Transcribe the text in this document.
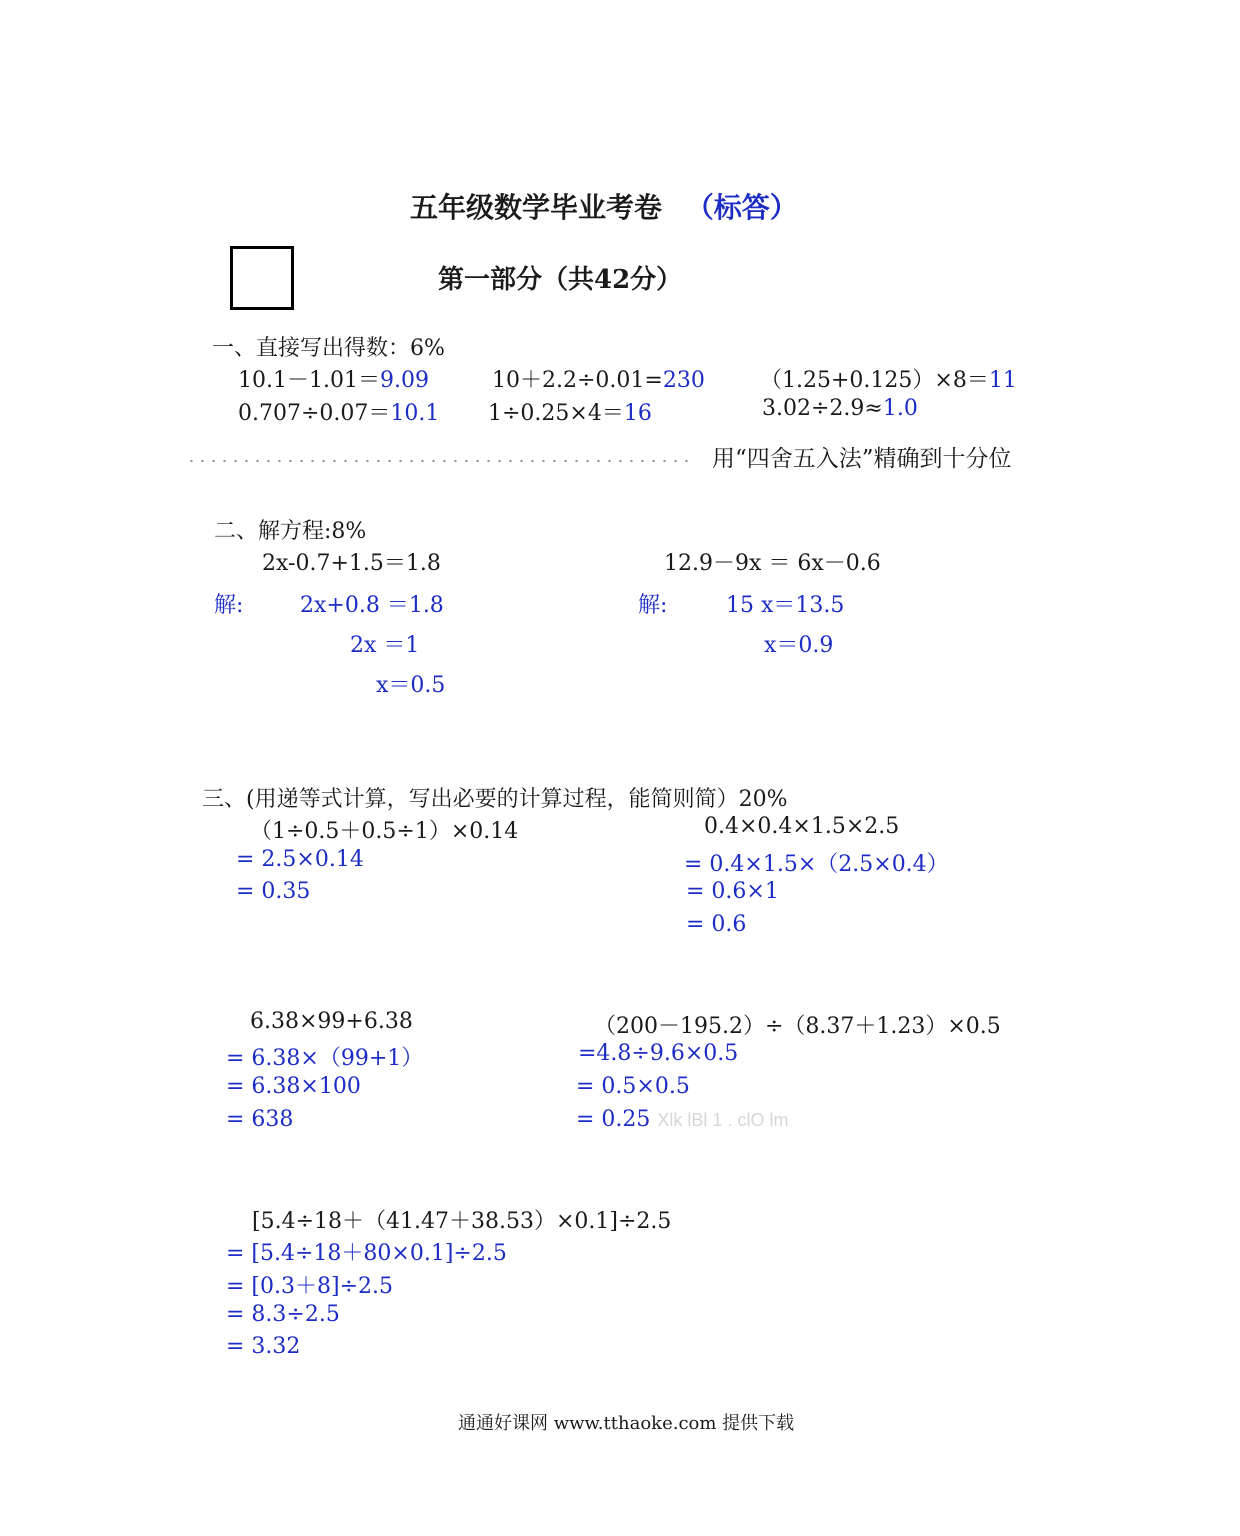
五年级数学毕业考卷 （标答）
第一部分（共42分）
一、直接写出得数：6%
10.1－1.01＝9.09	10＋2.2÷0.01=230	（1.25+0.125）×8＝11
0.707÷0.07＝10.1 1÷0.25×4＝16	3.02÷2.9≈1.0
用“四舍五入法”精确到十分位
二、解方程:8%
2x-0.7+1.5＝1.8
解:	2x+0.8 ＝1.8
2x ＝1
x＝0.5
12.9－9x ＝ 6x－0.6
解:	15 x＝13.5
x＝0.9
三、(用递等式计算，写出必要的计算过程，能简则简）20%
（1÷0.5＋0.5÷1）×0.14
= 2.5×0.14
= 0.35
0.4×0.4×1.5×2.5
= 0.4×1.5×（2.5×0.4）
= 0.6×1
= 0.6
6.38×99+6.38
= 6.38×（99+1）
= 6.38×100
= 638
（200－195.2）÷（8.37＋1.23）×0.5
=4.8÷9.6×0.5
= 0.5×0.5
= 0.25 Xlk lBl 1 . clO lm
[5.4÷18＋（41.47＋38.53）×0.1]÷2.5
= [5.4÷18＋80×0.1]÷2.5
= [0.3＋8]÷2.5
= 8.3÷2.5
= 3.32
通通好课网 www.tthaoke.com 提供下载
